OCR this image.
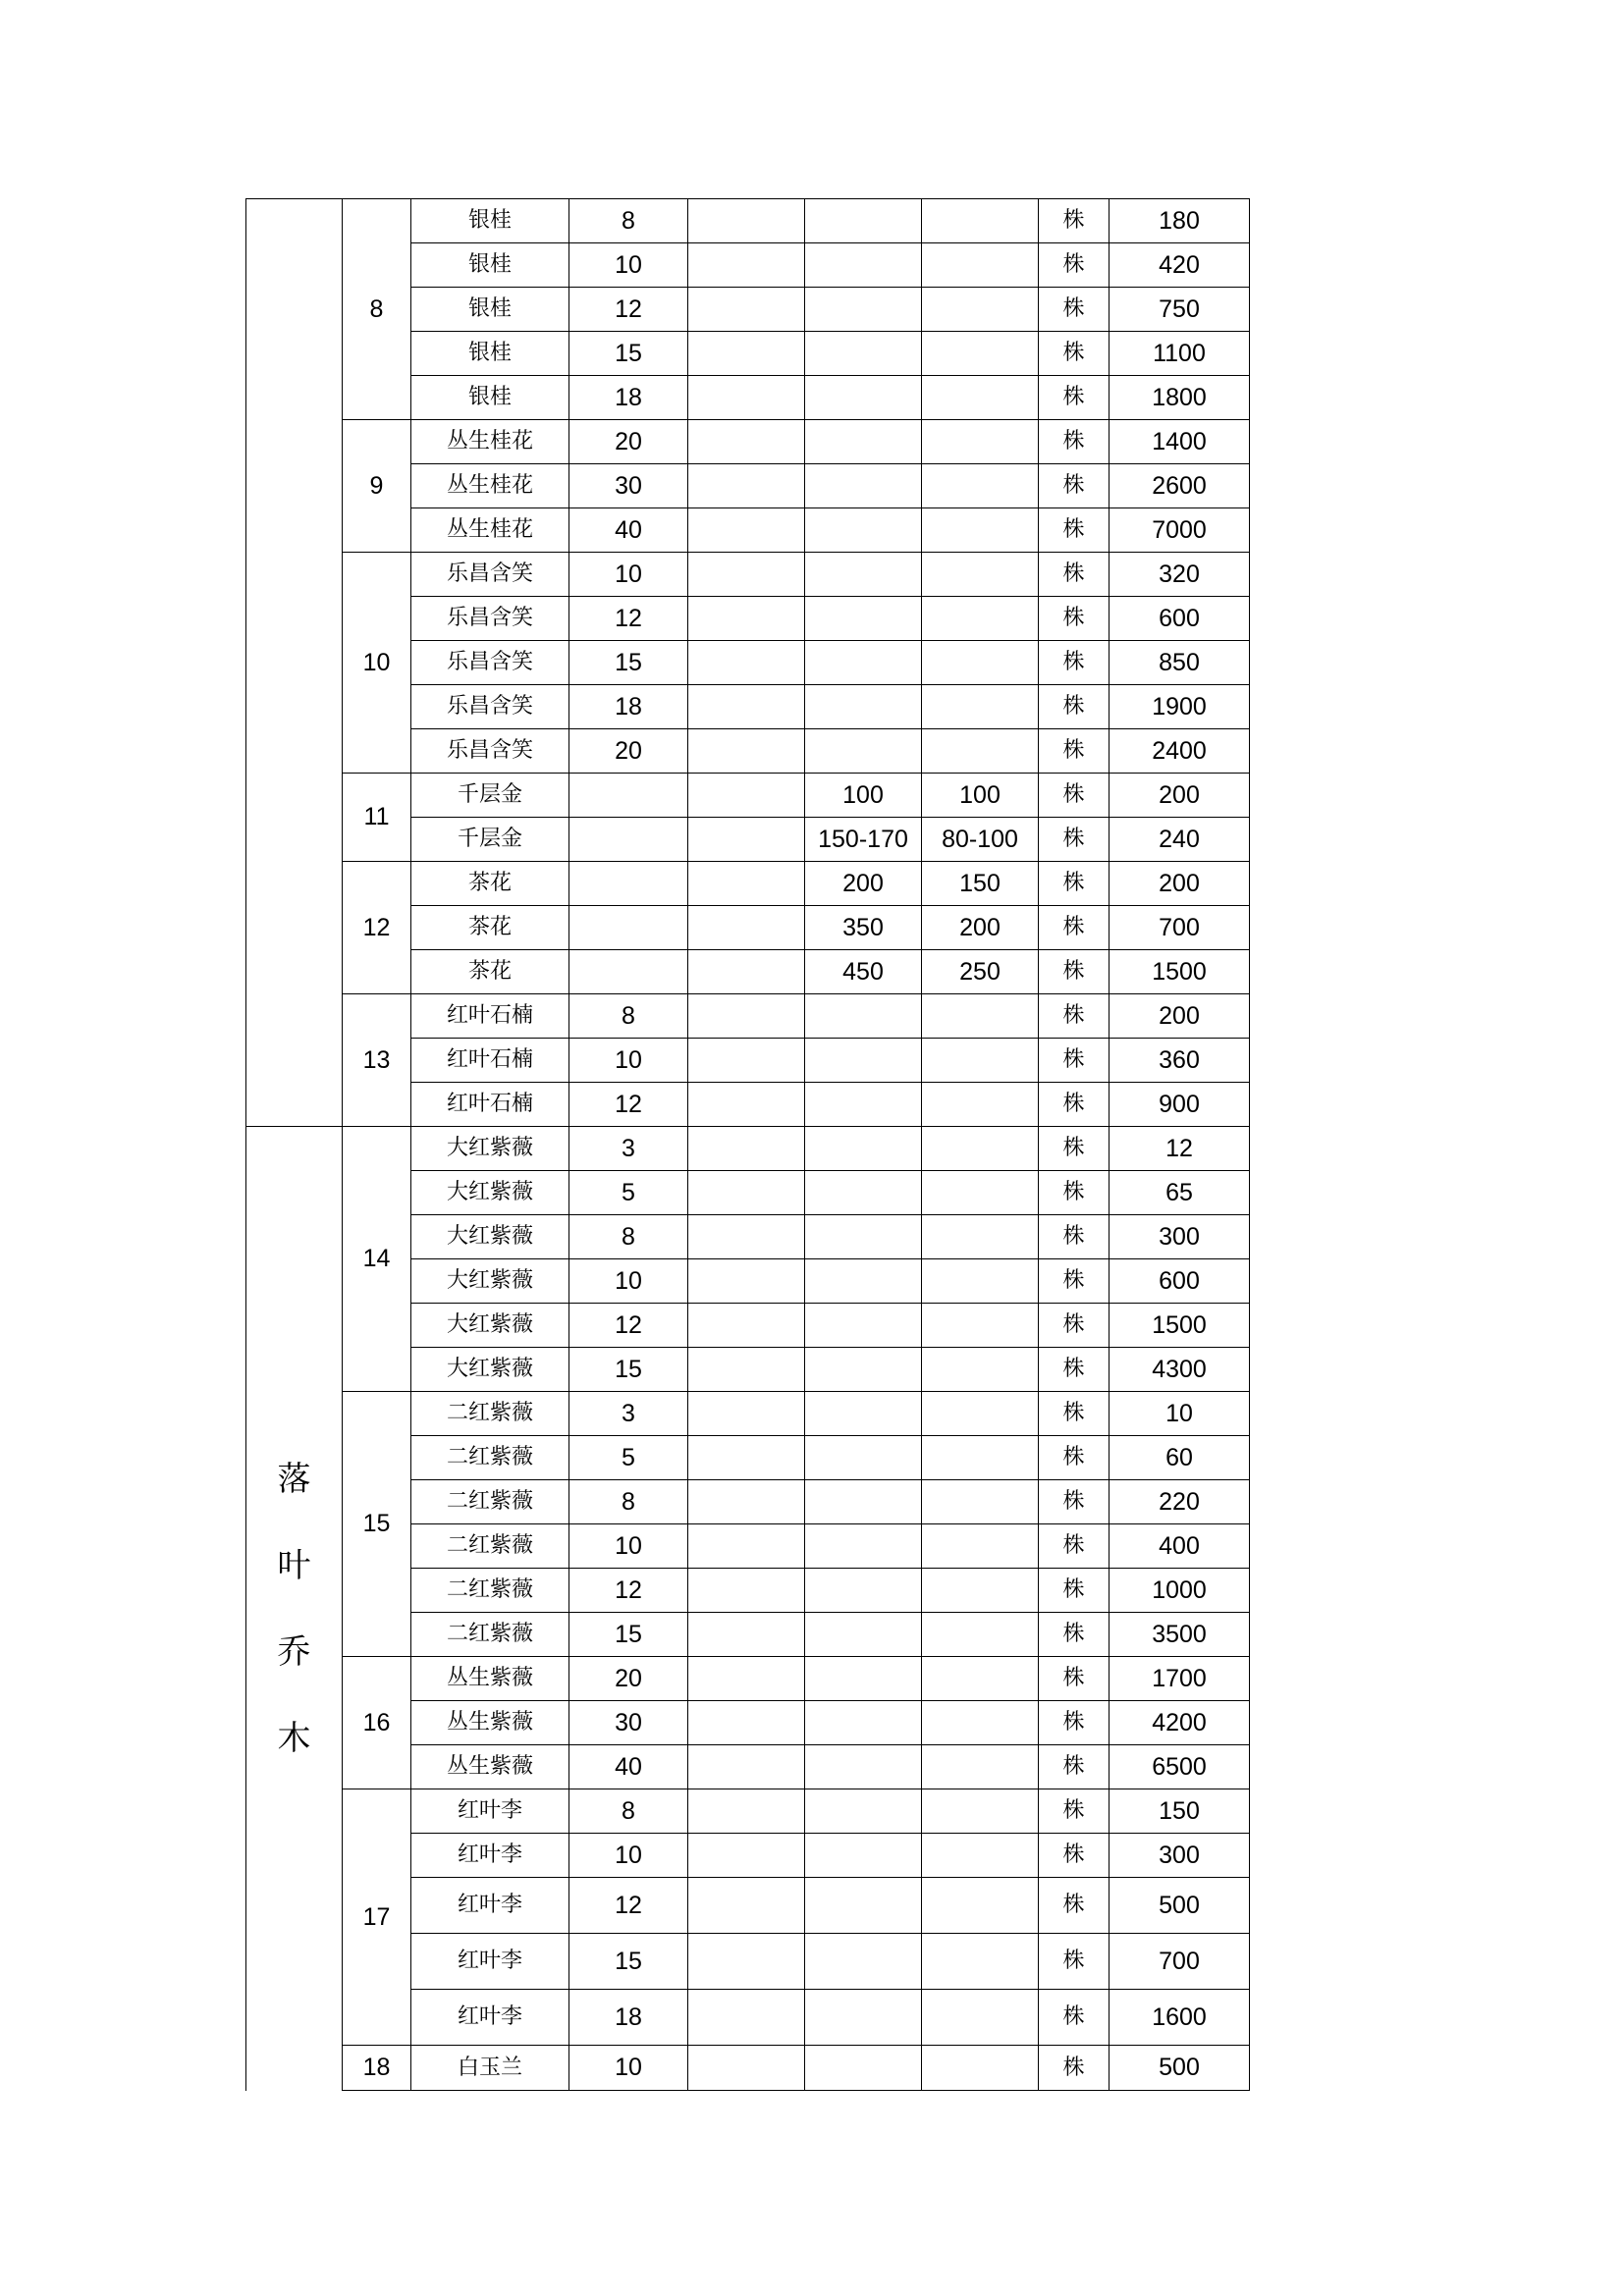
	8	银桂	8				株	180
		银桂	10				株	420
		银桂	12				株	750
		银桂	15				株	1100
		银桂	18				株	1800
	9	丛生桂花	20				株	1400
		丛生桂花	30				株	2600
		丛生桂花	40				株	7000
	10	乐昌含笑	10				株	320
		乐昌含笑	12				株	600
		乐昌含笑	15				株	850
		乐昌含笑	18				株	1900
		乐昌含笑	20				株	2400
	11	千层金			100	100	株	200
		千层金			150-170	80-100	株	240
	12	茶花			200	150	株	200
		茶花			350	200	株	700
		茶花			450	250	株	1500
	13	红叶石楠	8				株	200
		红叶石楠	10				株	360
		红叶石楠	12				株	900

落
叶
乔
木	14	大红紫薇	3				株	12
		大红紫薇	5				株	65
		大红紫薇	8				株	300
		大红紫薇	10				株	600
		大红紫薇	12				株	1500
		大红紫薇	15				株	4300
	15	二红紫薇	3				株	10
		二红紫薇	5				株	60
		二红紫薇	8				株	220
		二红紫薇	10				株	400
		二红紫薇	12				株	1000
		二红紫薇	15				株	3500
	16	丛生紫薇	20				株	1700
		丛生紫薇	30				株	4200
		丛生紫薇	40				株	6500
	17	红叶李	8				株	150
		红叶李	10				株	300
		红叶李	12				株	500
		红叶李	15				株	700
		红叶李	18				株	1600
	18	白玉兰	10				株	500
